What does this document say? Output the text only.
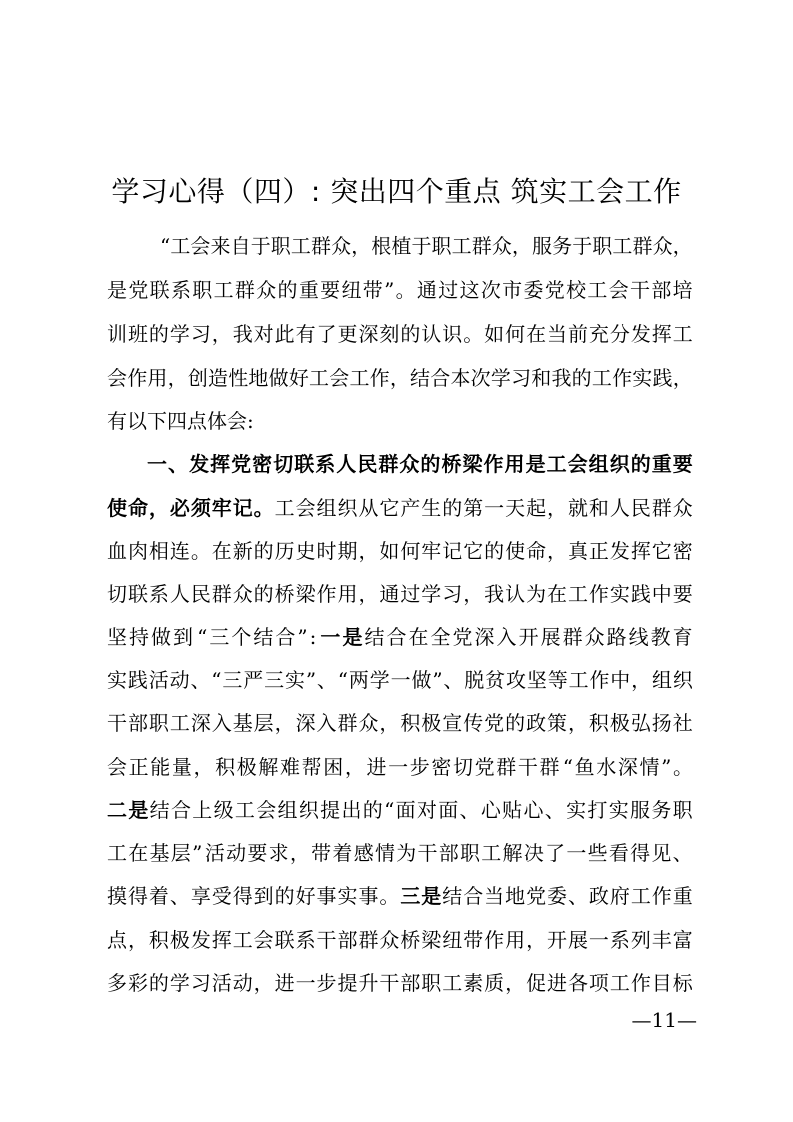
学习心得（四）: 突出四个重点 筑实工会工作
“ 工 会 来 自 于 职 工 群 众 ， 根 植 于 职 工 群 众 ， 服 务 于 职 工 群 众 ，
是 党 联 系 职 工 群 众 的 重 要 纽 带 ” 。 通 过 这 次 市 委 党 校 工 会 干 部 培
训 班 的 学 习 ， 我 对 此 有 了 更 深 刻 的 认 识 。 如 何 在 当 前 充 分 发 挥 工
会 作 用 ， 创 造 性 地 做 好 工 会 工 作 ， 结 合 本 次 学 习 和 我 的 工 作 实 践 ，
有 以 下 四 点 体 会 :
一 、 发 挥 党 密 切 联 系 人 民 群 众 的 桥 梁 作 用 是 工 会 组 织 的 重 要
使 命 ， 必 须 牢 记 。 工 会 组 织 从 它 产 生 的 第 一 天 起 ， 就 和 人 民 群 众
血 肉 相 连 。 在 新 的 历 史 时 期 ， 如 何 牢 记 它 的 使 命 ， 真 正 发 挥 它 密
切 联 系 人 民 群 众 的 桥 梁 作 用 ， 通 过 学 习 ， 我 认 为 在 工 作 实 践 中 要
坚 持 做 到 “ 三 个 结 合 ” : 一 是 结 合 在 全 党 深 入 开 展 群 众 路 线 教 育
实 践 活 动 、 “ 三 严 三 实 ” 、 “ 两 学 一 做 ” 、 脱 贫 攻 坚 等 工 作 中 ， 组 织
干 部 职 工 深 入 基 层 ， 深 入 群 众 ， 积 极 宣 传 党 的 政 策 ， 积 极 弘 扬 社
会 正 能 量 ， 积 极 解 难 帮 困 ， 进 一 步 密 切 党 群 干 群 “ 鱼 水 深 情 ” 。
二 是 结 合 上 级 工 会 组 织 提 出 的 “ 面 对 面 、 心 贴 心 、 实 打 实 服 务 职
工 在 基 层 ” 活 动 要 求 ， 带 着 感 情 为 干 部 职 工 解 决 了 一 些 看 得 见 、
摸 得 着 、 享 受 得 到 的 好 事 实 事 。 三 是 结 合 当 地 党 委 、 政 府 工 作 重
点 ， 积 极 发 挥 工 会 联 系 干 部 群 众 桥 梁 纽 带 作 用 ， 开 展 一 系 列 丰 富
多 彩 的 学 习 活 动 ， 进 一 步 提 升 干 部 职 工 素 质 ， 促 进 各 项 工 作 目 标
—11—
